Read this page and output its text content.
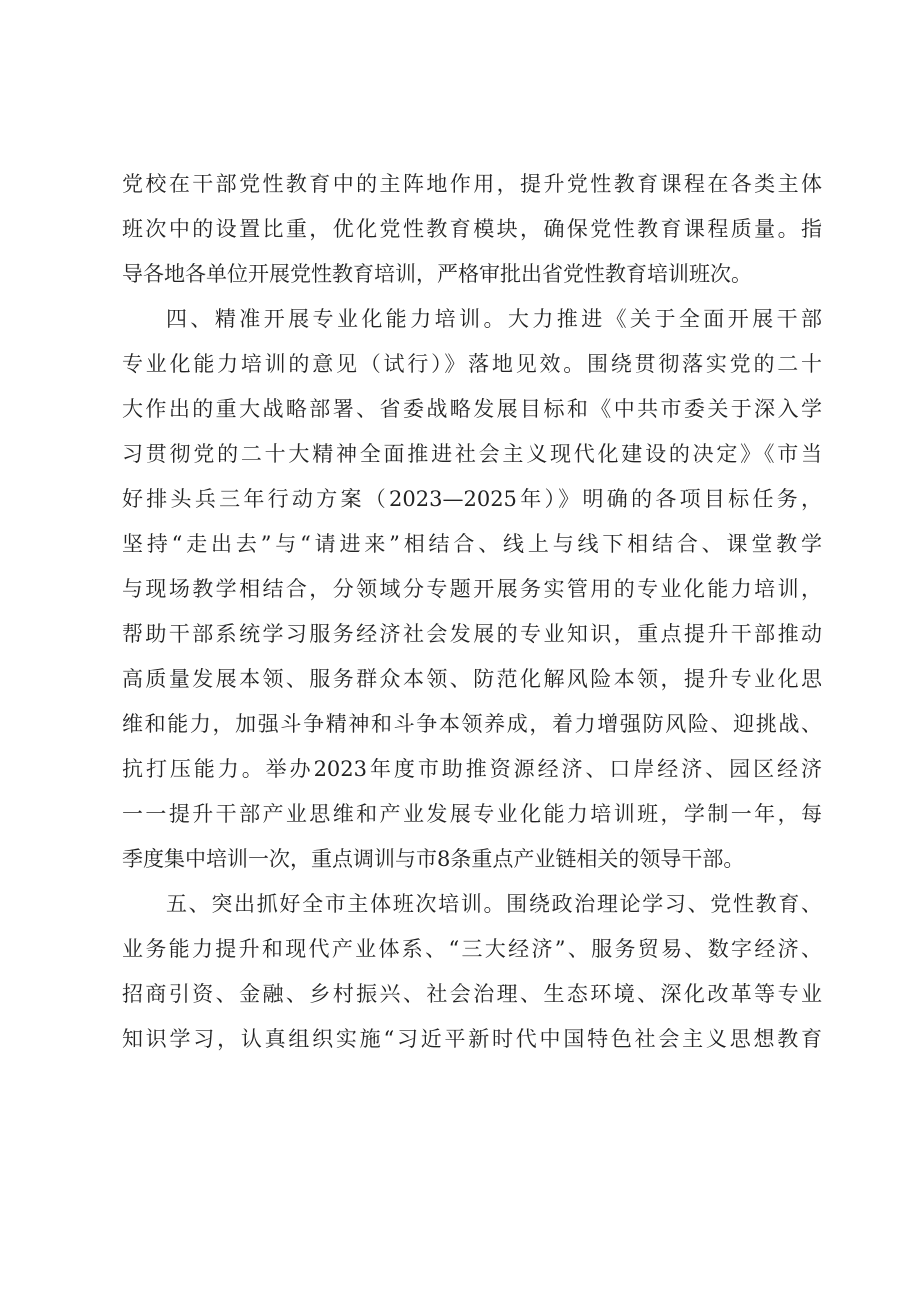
党校在干部党性教育中的主阵地作用，提升党性教育课程在各类主体
班次中的设置比重，优化党性教育模块，确保党性教育课程质量。指
导各地各单位开展党性教育培训，严格审批出省党性教育培训班次。
四、精准开展专业化能力培训。大力推进《关于全面开展干部
专业化能力培训的意见（试行）》落地见效。围绕贯彻落实党的二十
大作出的重大战略部署、省委战略发展目标和《中共市委关于深入学
习贯彻党的二十大精神全面推进社会主义现代化建设的决定》《市当
好排头兵三年行动方案（2023—2025年）》明确的各项目标任务，
坚持“走出去”与“请进来”相结合、线上与线下相结合、课堂教学
与现场教学相结合，分领域分专题开展务实管用的专业化能力培训，
帮助干部系统学习服务经济社会发展的专业知识，重点提升干部推动
高质量发展本领、服务群众本领、防范化解风险本领，提升专业化思
维和能力，加强斗争精神和斗争本领养成，着力增强防风险、迎挑战、
抗打压能力。举办2023年度市助推资源经济、口岸经济、园区经济
一一提升干部产业思维和产业发展专业化能力培训班，学制一年，每
季度集中培训一次，重点调训与市8条重点产业链相关的领导干部。
五、突出抓好全市主体班次培训。围绕政治理论学习、党性教育、
业务能力提升和现代产业体系、“三大经济”、服务贸易、数字经济、
招商引资、金融、乡村振兴、社会治理、生态环境、深化改革等专业
知识学习，认真组织实施“习近平新时代中国特色社会主义思想教育
